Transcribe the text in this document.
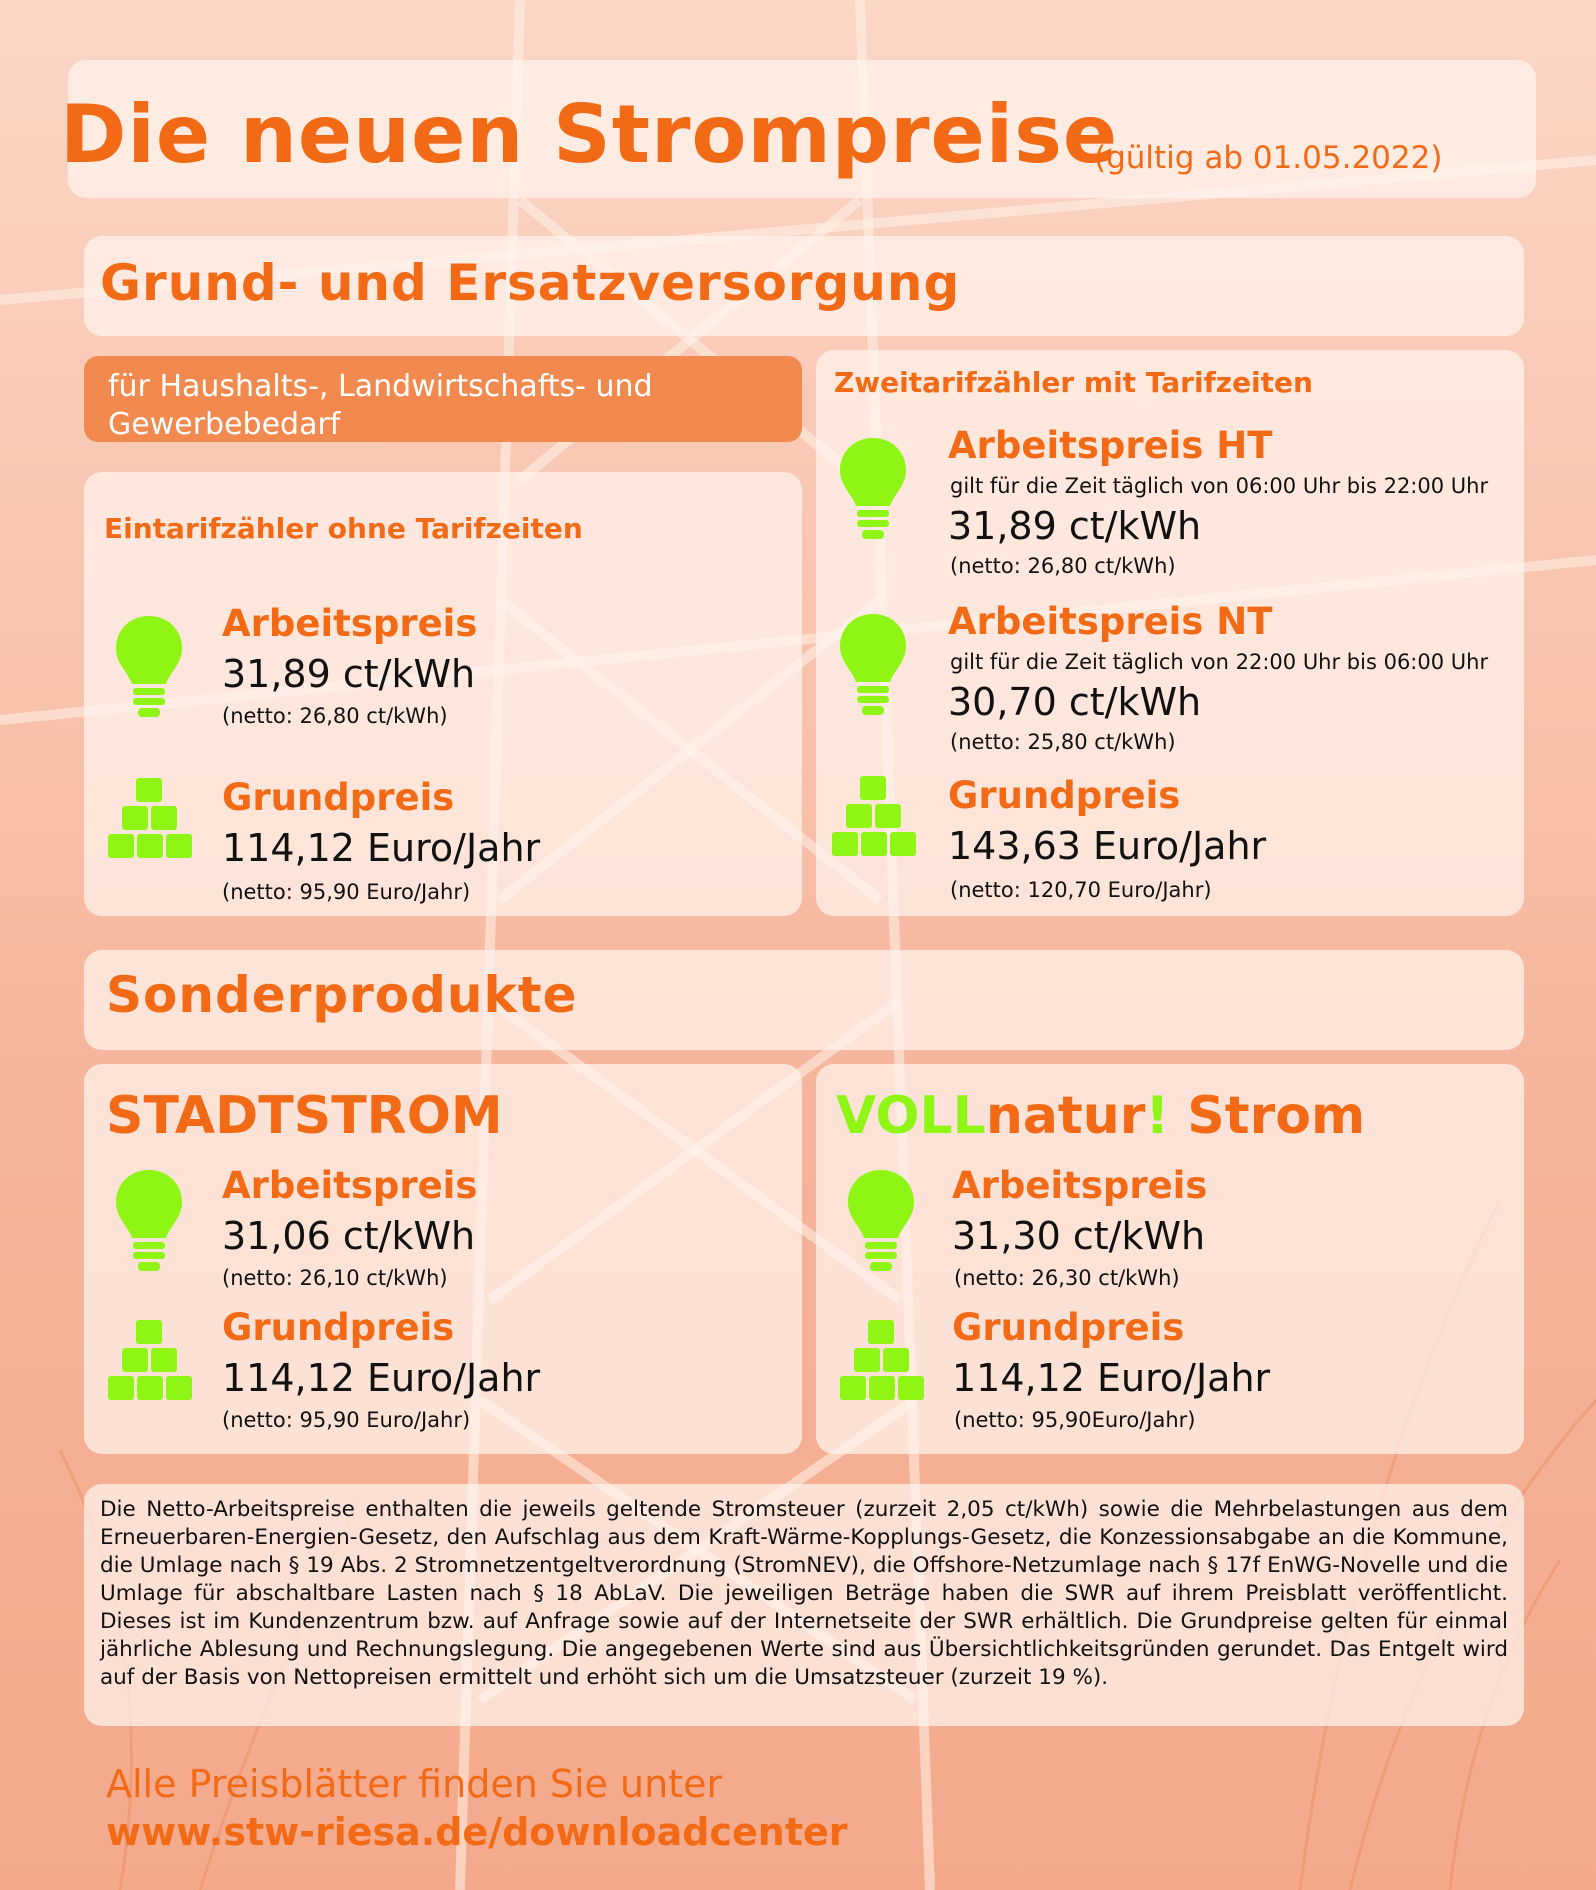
Die neuen Strompreise
(gültig ab 01.05.2022)
Grund- und Ersatzversorgung
für Haushalts-, Landwirtschafts- und Gewerbebedarf
Eintarifzähler ohne Tarifzeiten
Arbeitspreis
31,89 ct/kWh
(netto: 26,80 ct/kWh)
Grundpreis
114,12 Euro/Jahr
(netto: 95,90 Euro/Jahr)
Zweitarifzähler mit Tarifzeiten
Arbeitspreis HT
gilt für die Zeit täglich von 06:00 Uhr bis 22:00 Uhr
31,89 ct/kWh
(netto: 26,80 ct/kWh)
Arbeitspreis NT
gilt für die Zeit täglich von 22:00 Uhr bis 06:00 Uhr
30,70 ct/kWh
(netto: 25,80 ct/kWh)
Grundpreis
143,63 Euro/Jahr
(netto: 120,70 Euro/Jahr)
Sonderprodukte
STADTSTROM
Arbeitspreis
31,06 ct/kWh
(netto: 26,10 ct/kWh)
Grundpreis
114,12 Euro/Jahr
(netto: 95,90 Euro/Jahr)
VOLLnatur! Strom
Arbeitspreis
31,30 ct/kWh
(netto: 26,30 ct/kWh)
Grundpreis
114,12 Euro/Jahr
(netto: 95,90Euro/Jahr)
Die Netto-Arbeitspreise enthalten die jeweils geltende Stromsteuer (zurzeit 2,05 ct/kWh) sowie die Mehrbelastungen aus dem Erneuerbaren-Energien-Gesetz, den Aufschlag aus dem Kraft-Wärme-Kopplungs-Gesetz, die Konzessionsabgabe an die Kommune, die Umlage nach § 19 Abs. 2 Stromnetzentgeltverordnung (StromNEV), die Offshore-Netzumlage nach § 17f EnWG-Novelle und die Umlage für abschaltbare Lasten nach § 18 AbLaV. Die jeweiligen Beträge haben die SWR auf ihrem Preisblatt veröffentlicht. Dieses ist im Kundenzentrum bzw. auf Anfrage sowie auf der Internetseite der SWR erhältlich. Die Grundpreise gelten für einmal jährliche Ablesung und Rechnungslegung. Die angegebenen Werte sind aus Übersichtlichkeitsgründen gerundet. Das Entgelt wird auf der Basis von Nettopreisen ermittelt und erhöht sich um die Umsatzsteuer (zurzeit 19 %).
Alle Preisblätter finden Sie unter
www.stw-riesa.de/downloadcenter
